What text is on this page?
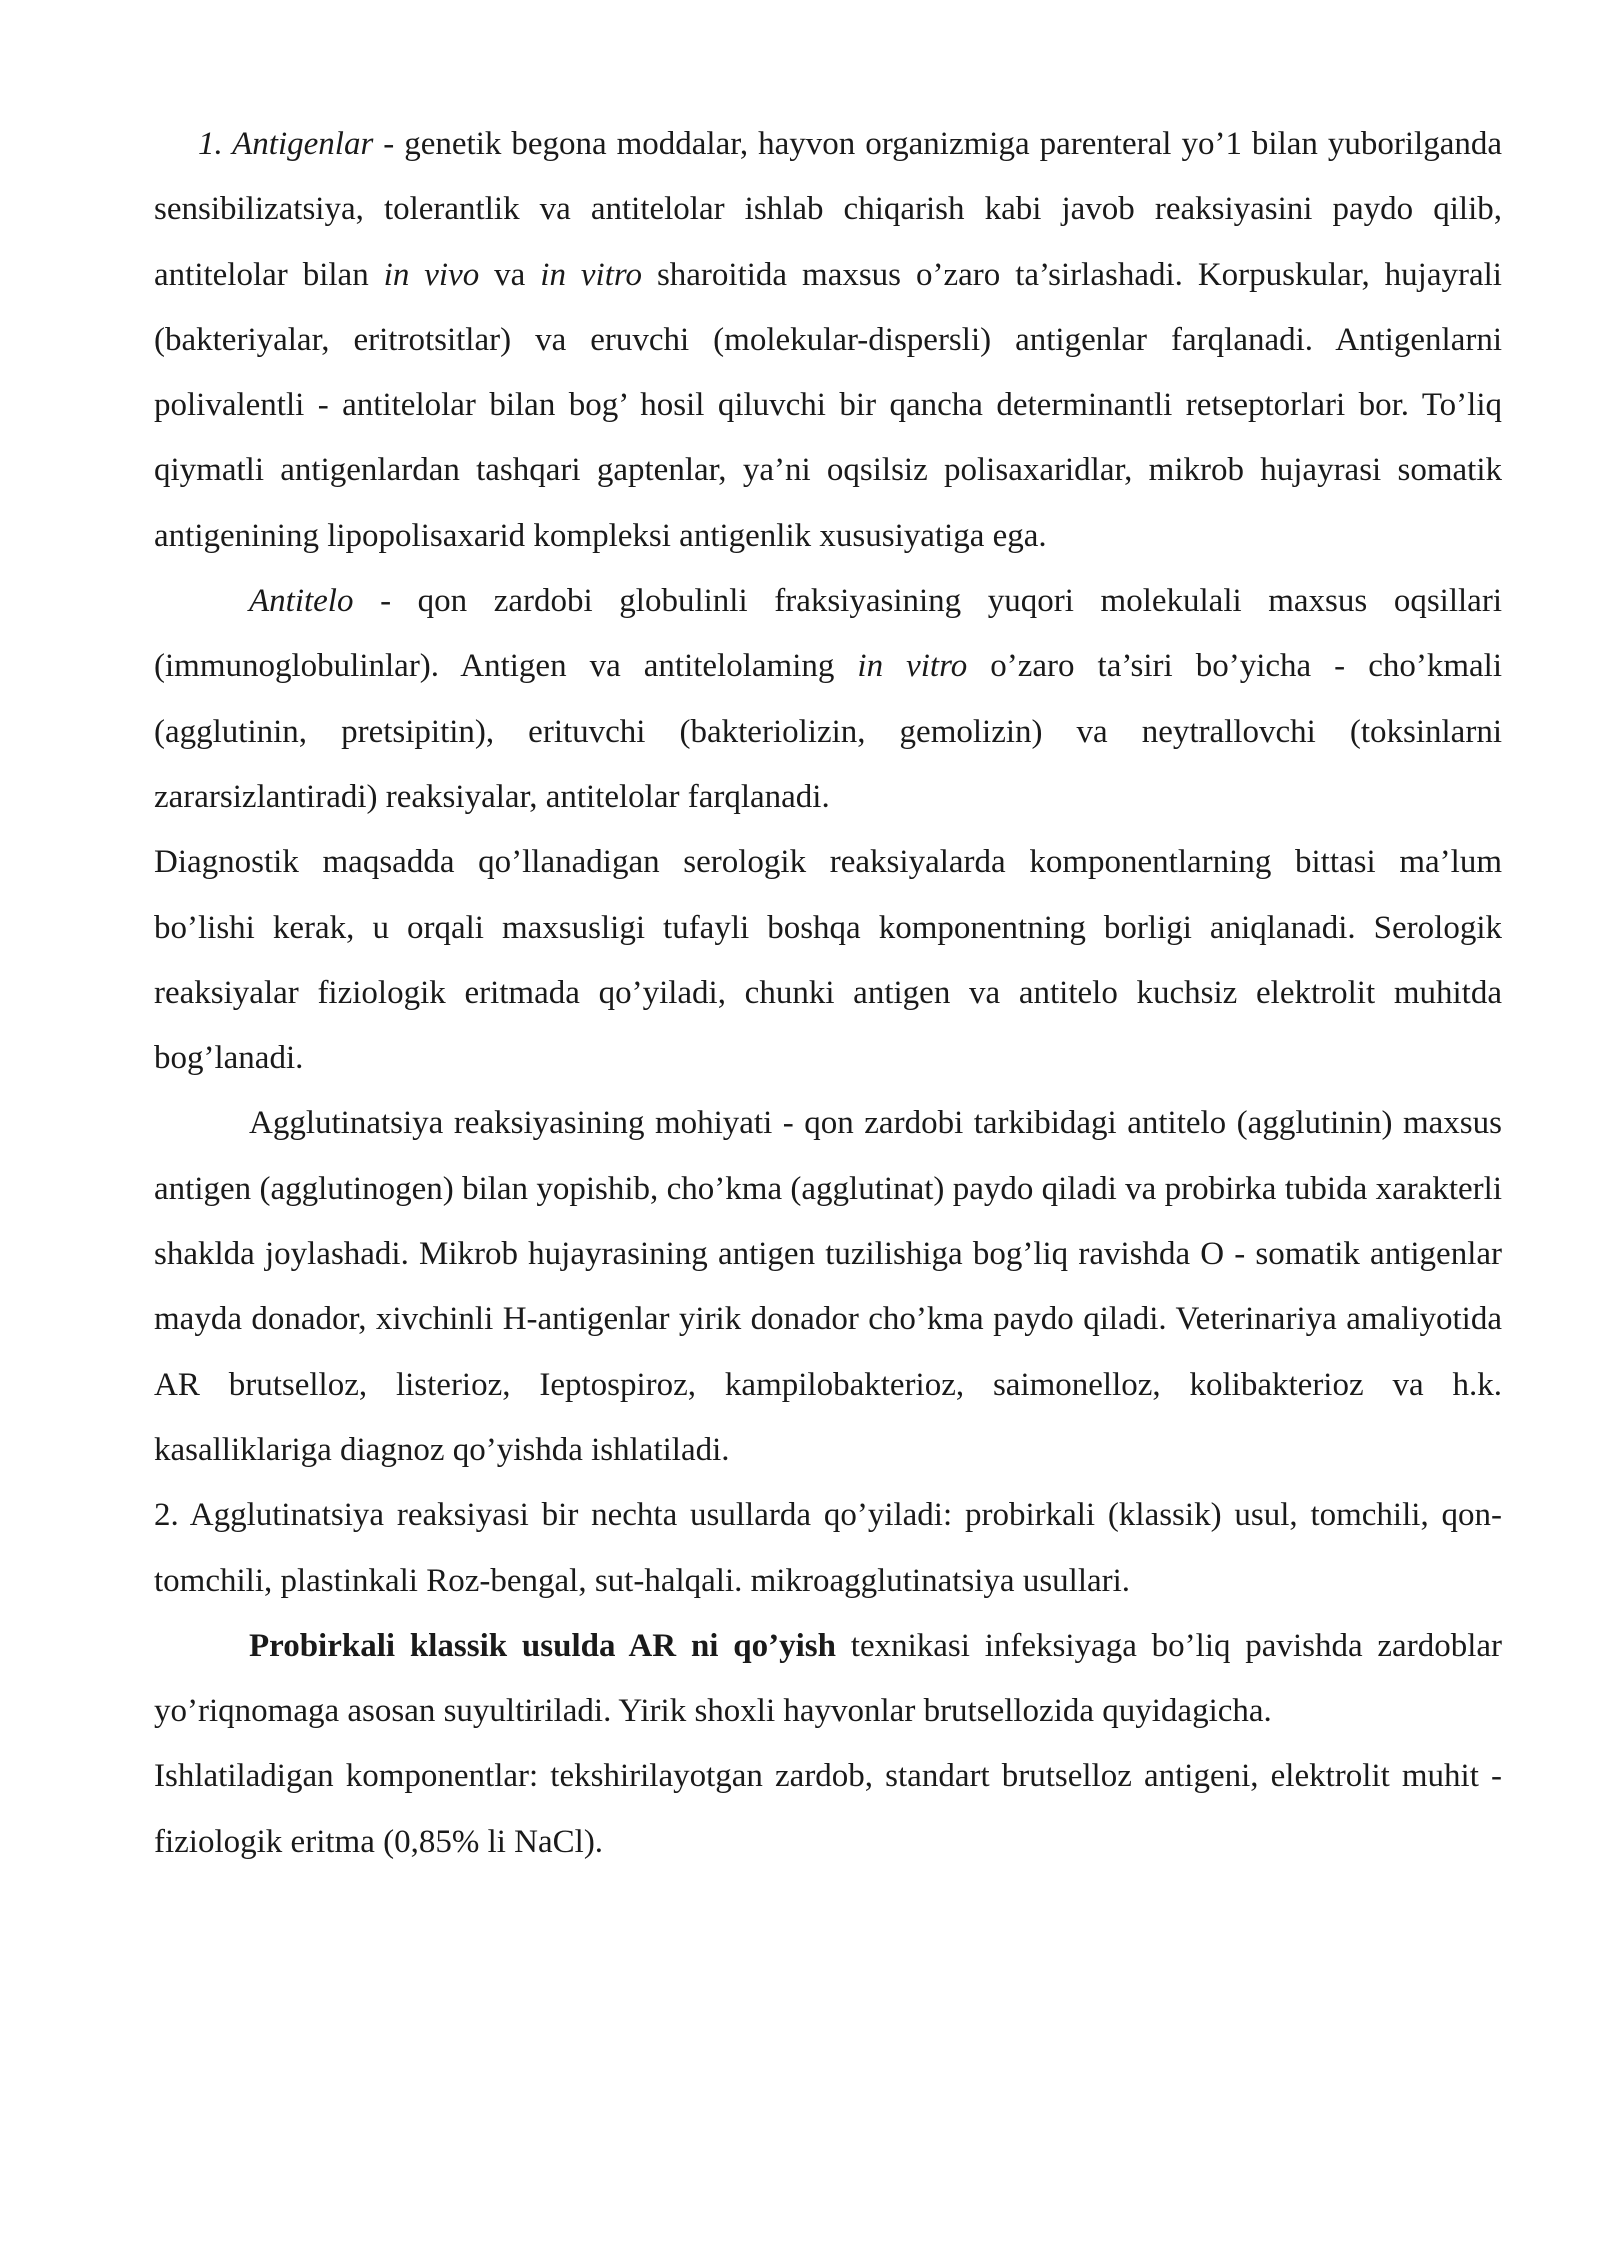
1. Antigenlar - genetik begona moddalar, hayvon organizmiga parenteral yo’1 bilan yuborilganda sensibilizatsiya, tolerantlik va antitelolar ishlab chiqarish kabi javob reaksiyasini paydo qilib, antitelolar bilan in vivo va in vitro sharoitida maxsus o’zaro ta’sirlashadi. Korpuskular, hujayrali (bakteriyalar, eritrotsitlar) va eruvchi (molekular-dispersli) antigenlar farqlanadi. Antigenlarni polivalentli - antitelolar bilan bog’ hosil qiluvchi bir qancha determinantli retseptorlari bor. To’liq qiymatli antigenlardan tashqari gaptenlar, ya’ni oqsilsiz polisaxaridlar, mikrob hujayrasi somatik antigenining lipopolisaxarid kompleksi antigenlik xususiyatiga ega.

Antitelo - qon zardobi globulinli fraksiyasining yuqori molekulali maxsus oqsillari (immunoglobulinlar). Antigen va antitelolaming in vitro o’zaro ta’siri bo’yicha - cho’kmali (agglutinin, pretsipitin), erituvchi (bakteriolizin, gemolizin) va neytrallovchi (toksinlarni zararsizlantiradi) reaksiyalar, antitelolar farqlanadi.

Diagnostik maqsadda qo’llanadigan serologik reaksiyalarda komponentlarning bittasi ma’lum bo’lishi kerak, u orqali maxsusligi tufayli boshqa komponentning borligi aniqlanadi. Serologik reaksiyalar fiziologik eritmada qo’yiladi, chunki antigen va antitelo kuchsiz elektrolit muhitda bog’lanadi.

Agglutinatsiya reaksiyasining mohiyati - qon zardobi tarkibidagi antitelo (agglutinin) maxsus antigen (agglutinogen) bilan yopishib, cho’kma (agglutinat) paydo qiladi va probirka tubida xarakterli shaklda joylashadi. Mikrob hujayrasining antigen tuzilishiga bog’liq ravishda O - somatik antigenlar mayda donador, xivchinli H-antigenlar yirik donador cho’kma paydo qiladi. Veterinariya amaliyotida AR brutselloz, listerioz, Ieptospiroz, kampilobakterioz, saimonelloz, kolibakterioz va h.k. kasalliklariga diagnoz qo’yishda ishlatiladi.

2. Agglutinatsiya reaksiyasi bir nechta usullarda qo’yiladi: probirkali (klassik) usul, tomchili, qon-tomchili, plastinkali Roz-bengal, sut-halqali. mikroagglutinatsiya usullari.

Probirkali klassik usulda AR ni qo’yish texnikasi infeksiyaga bo’liq pavishda zardoblar yo’riqnomaga asosan suyultiriladi. Yirik shoxli hayvonlar brutsellozida quyidagicha.

Ishlatiladigan komponentlar: tekshirilayotgan zardob, standart brutselloz antigeni, elektrolit muhit - fiziologik eritma (0,85% li NaCl).
